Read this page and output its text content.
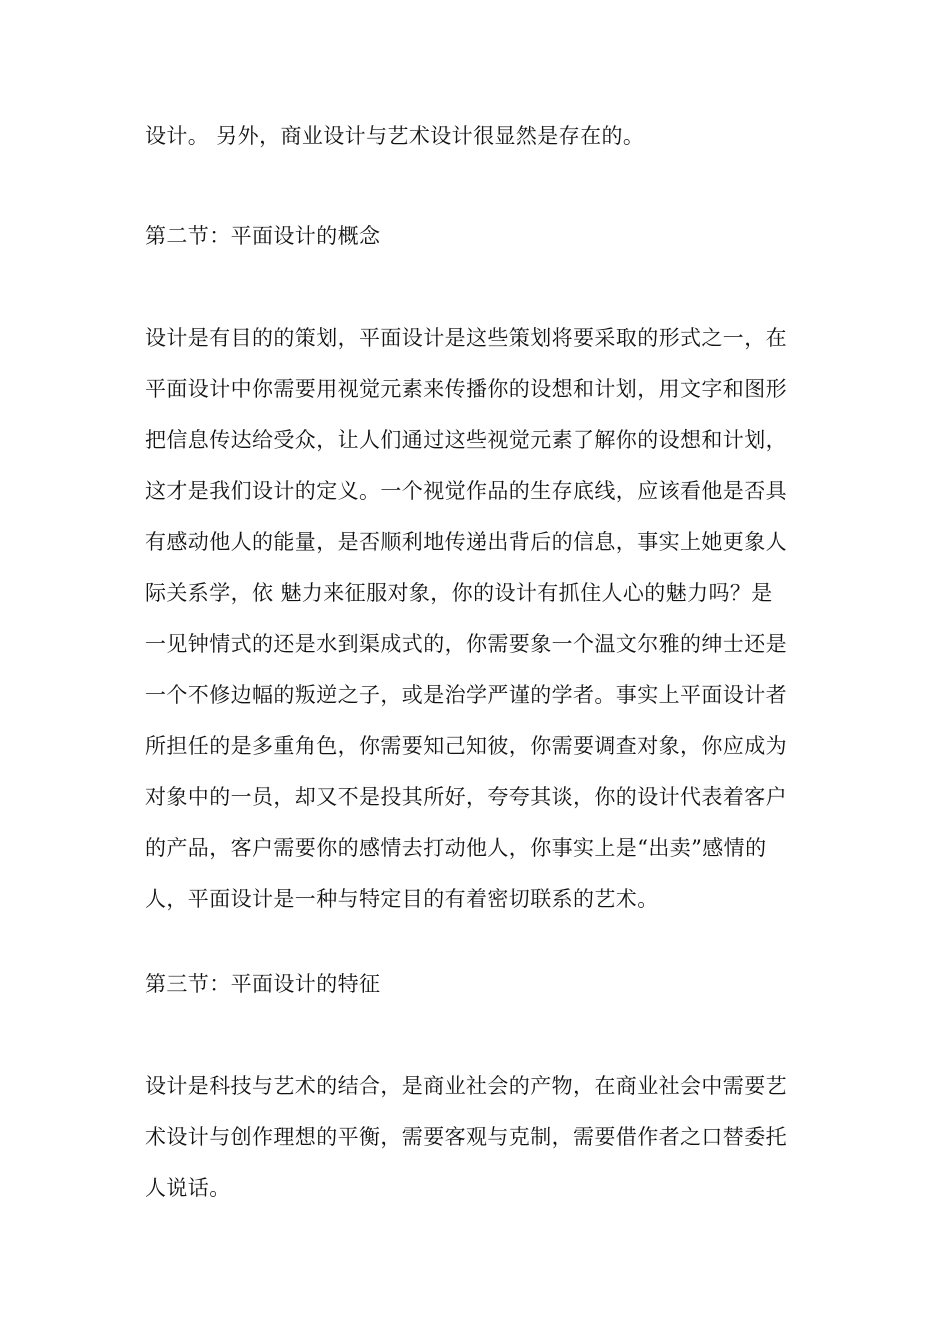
设计。 另外，商业设计与艺术设计很显然是存在的。
第二节：平面设计的概念
设计是有目的的策划，平面设计是这些策划将要采取的形式之一，在
平面设计中你需要用视觉元素来传播你的设想和计划，用文字和图形
把信息传达给受众，让人们通过这些视觉元素了解你的设想和计划，
这才是我们设计的定义。一个视觉作品的生存底线，应该看他是否具
有感动他人的能量，是否顺利地传递出背后的信息，事实上她更象人
际关系学，依 魅力来征服对象，你的设计有抓住人心的魅力吗？是
一见钟情式的还是水到渠成式的，你需要象一个温文尔雅的绅士还是
一个不修边幅的叛逆之子，或是治学严谨的学者。事实上平面设计者
所担任的是多重角色，你需要知己知彼，你需要调查对象，你应成为
对象中的一员，却又不是投其所好，夸夸其谈，你的设计代表着客户
的产品，客户需要你的感情去打动他人，你事实上是“出卖”感情的
人，平面设计是一种与特定目的有着密切联系的艺术。
第三节：平面设计的特征
设计是科技与艺术的结合，是商业社会的产物，在商业社会中需要艺
术设计与创作理想的平衡，需要客观与克制，需要借作者之口替委托
人说话。
